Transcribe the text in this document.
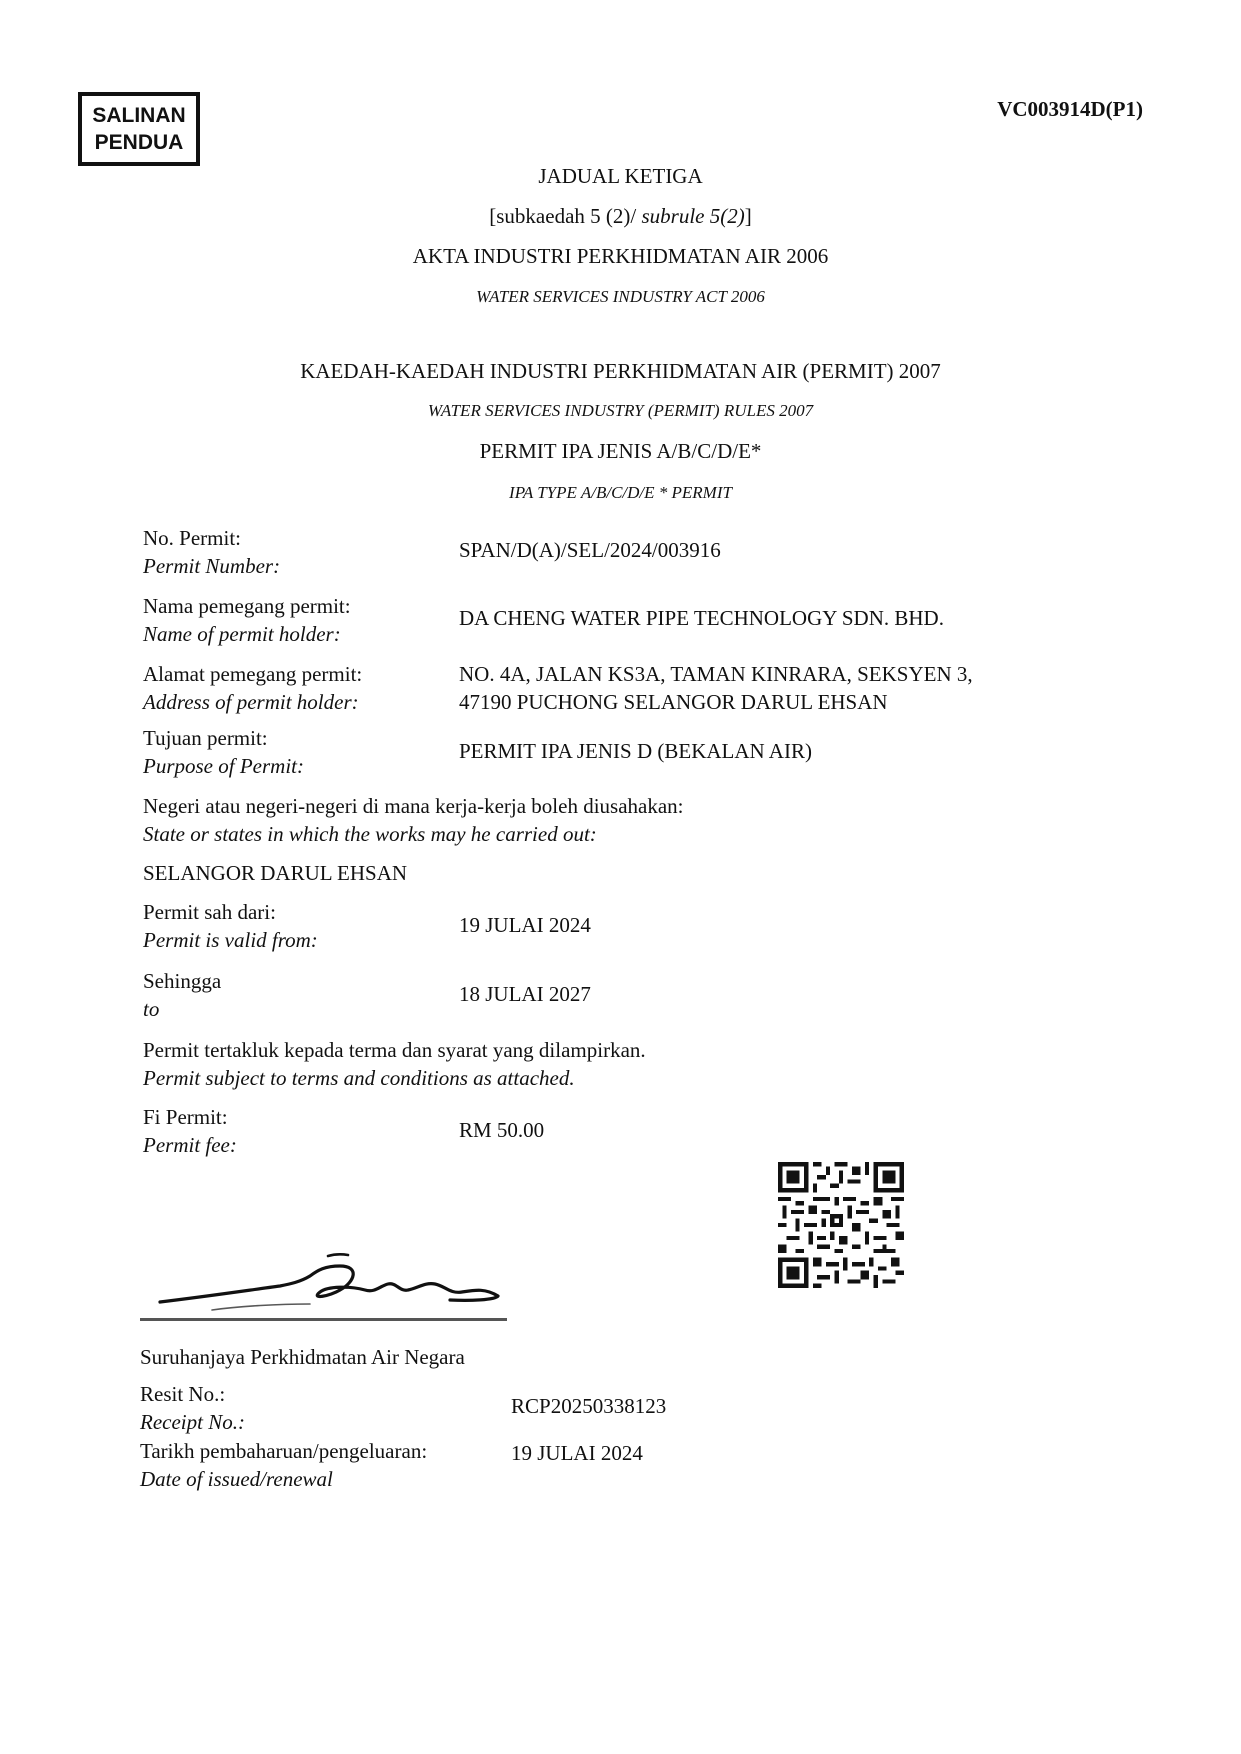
SALINAN
PENDUA
VC003914D(P1)
JADUAL KETIGA
[subkaedah 5 (2)/ subrule 5(2)]
AKTA INDUSTRI PERKHIDMATAN AIR 2006
WATER SERVICES INDUSTRY ACT 2006
KAEDAH-KAEDAH INDUSTRI PERKHIDMATAN AIR (PERMIT) 2007
WATER SERVICES INDUSTRY (PERMIT) RULES 2007
PERMIT IPA JENIS A/B/C/D/E*
IPA TYPE A/B/C/D/E * PERMIT
No. Permit:
Permit Number:
SPAN/D(A)/SEL/2024/003916
Nama pemegang permit:
Name of permit holder:
DA CHENG WATER PIPE TECHNOLOGY SDN. BHD.
Alamat pemegang permit:
Address of permit holder:
NO. 4A, JALAN KS3A, TAMAN KINRARA, SEKSYEN 3,
47190 PUCHONG SELANGOR DARUL EHSAN
Tujuan permit:
Purpose of Permit:
PERMIT IPA JENIS D (BEKALAN AIR)
Negeri atau negeri-negeri di mana kerja-kerja boleh diusahakan:
State or states in which the works may he carried out:
SELANGOR DARUL EHSAN
Permit sah dari:
Permit is valid from:
19 JULAI 2024
Sehingga
to
18 JULAI 2027
Permit tertakluk kepada terma dan syarat yang dilampirkan.
Permit subject to terms and conditions as attached.
Fi Permit:
Permit fee:
RM 50.00
Suruhanjaya Perkhidmatan Air Negara
Resit No.:
Receipt No.:
RCP20250338123
Tarikh pembaharuan/pengeluaran:
Date of issued/renewal
19 JULAI 2024
